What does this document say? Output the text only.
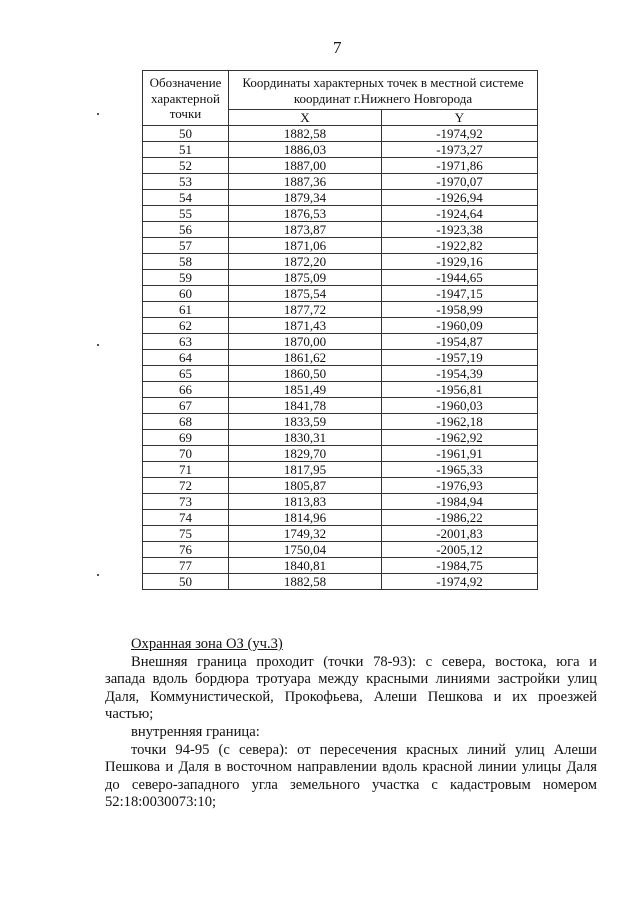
7
Обозначение характерной точки	Координаты характерных точек в местной системе координат г.Нижнего Новгорода	
	X	Y
50	1882,58	-1974,92
51	1886,03	-1973,27
52	1887,00	-1971,86
53	1887,36	-1970,07
54	1879,34	-1926,94
55	1876,53	-1924,64
56	1873,87	-1923,38
57	1871,06	-1922,82
58	1872,20	-1929,16
59	1875,09	-1944,65
60	1875,54	-1947,15
61	1877,72	-1958,99
62	1871,43	-1960,09
63	1870,00	-1954,87
64	1861,62	-1957,19
65	1860,50	-1954,39
66	1851,49	-1956,81
67	1841,78	-1960,03
68	1833,59	-1962,18
69	1830,31	-1962,92
70	1829,70	-1961,91
71	1817,95	-1965,33
72	1805,87	-1976,93
73	1813,83	-1984,94
74	1814,96	-1986,22
75	1749,32	-2001,83
76	1750,04	-2005,12
77	1840,81	-1984,75
50	1882,58	-1974,92
Охранная зона ОЗ (уч.3)
Внешняя граница проходит (точки 78-93): с севера, востока, юга и
запада вдоль бордюра тротуара между красными линиями застройки улиц
Даля, Коммунистической, Прокофьева, Алеши Пешкова и их проезжей
частью;
внутренняя граница:
точки 94-95 (с севера): от пересечения красных линий улиц Алеши
Пешкова и Даля в восточном направлении вдоль красной линии улицы Даля
до северо-западного угла земельного участка с кадастровым номером
52:18:0030073:10;
